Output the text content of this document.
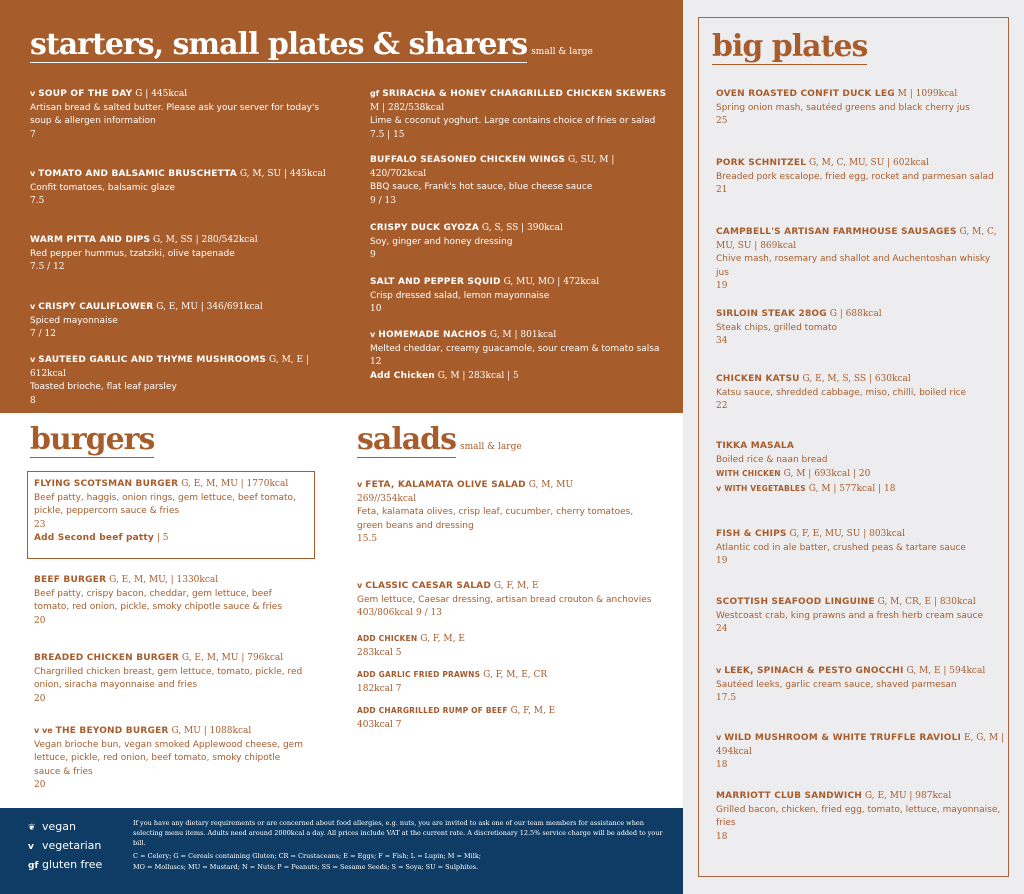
starters, small plates & sharers small & large
v SOUP OF THE DAY G | 445kcal
Artisan bread & salted butter. Please ask your server for today's soup & allergen information
7
v TOMATO AND BALSAMIC BRUSCHETTA G, M, SU | 445kcal
Confit tomatoes, balsamic glaze
7.5
WARM PITTA AND DIPS G, M, SS | 280/542kcal
Red pepper hummus, tzatziki, olive tapenade
7.5 / 12
v CRISPY CAULIFLOWER G, E, MU | 346/691kcal
Spiced mayonnaise
7 / 12
v SAUTEED GARLIC AND THYME MUSHROOMS G, M, E | 612kcal
Toasted brioche, flat leaf parsley
8
gf SRIRACHA & HONEY CHARGRILLED CHICKEN SKEWERS M | 282/538kcal
Lime & coconut yoghurt. Large contains choice of fries or salad
7.5 | 15
BUFFALO SEASONED CHICKEN WINGS G, SU, M | 420/702kcal
BBQ sauce, Frank's hot sauce, blue cheese sauce
9 / 13
CRISPY DUCK GYOZA G, S, SS | 390kcal
Soy, ginger and honey dressing
9
SALT AND PEPPER SQUID G, MU, MO | 472kcal
Crisp dressed salad, lemon mayonnaise
10
v HOMEMADE NACHOS G, M | 801kcal
Melted cheddar, creamy guacamole, sour cream & tomato salsa
12
Add Chicken G, M | 283kcal | 5
big plates
OVEN ROASTED CONFIT DUCK LEG M | 1099kcal
Spring onion mash, sautéed greens and black cherry jus
25
PORK SCHNITZEL G, M, C, MU, SU | 602kcal
Breaded pork escalope, fried egg, rocket and parmesan salad
21
CAMPBELL'S ARTISAN FARMHOUSE SAUSAGES G, M, C, MU, SU | 869kcal
Chive mash, rosemary and shallot and Auchentoshan whisky jus
19
SIRLOIN STEAK 28OG G | 688kcal
Steak chips, grilled tomato
34
CHICKEN KATSU G, E, M, S, SS | 630kcal
Katsu sauce, shredded cabbage, miso, chilli, boiled rice
22
TIKKA MASALA
Boiled rice & naan bread
WITH CHICKEN G, M | 693kcal | 20
v WITH VEGETABLES G, M | 577kcal | 18
FISH & CHIPS G, F, E, MU, SU | 803kcal
Atlantic cod in ale batter, crushed peas & tartare sauce
19
SCOTTISH SEAFOOD LINGUINE G, M, CR, E | 830kcal
Westcoast crab, king prawns and a fresh herb cream sauce
24
v LEEK, SPINACH & PESTO GNOCCHI G, M, E | 594kcal
Sautéed leeks, garlic cream sauce, shaved parmesan
17.5
v WILD MUSHROOM & WHITE TRUFFLE RAVIOLI E, G, M | 494kcal
18
MARRIOTT CLUB SANDWICH G, E, MU | 987kcal
Grilled bacon, chicken, fried egg, tomato, lettuce, mayonnaise, fries
18
burgers
FLYING SCOTSMAN BURGER G, E, M, MU | 1770kcal
Beef patty, haggis, onion rings, gem lettuce, beef tomato, pickle, peppercorn sauce & fries
23
Add Second beef patty | 5
BEEF BURGER G, E, M, MU, | 1330kcal
Beef patty, crispy bacon, cheddar, gem lettuce, beef tomato, red onion, pickle, smoky chipotle sauce & fries
20
BREADED CHICKEN BURGER G, E, M, MU | 796kcal
Chargrilled chicken breast, gem lettuce, tomato, pickle, red onion, siracha mayonnaise and fries
20
v ve THE BEYOND BURGER G, MU | 1088kcal
Vegan brioche bun, vegan smoked Applewood cheese, gem lettuce, pickle, red onion, beef tomato, smoky chipotle sauce & fries
20
salads small & large
v FETA, KALAMATA OLIVE SALAD G, M, MU
269//354kcal
Feta, kalamata olives, crisp leaf, cucumber, cherry tomatoes, green beans and dressing
15.5
v CLASSIC CAESAR SALAD G, F, M, E
Gem lettuce, Caesar dressing, artisan bread crouton & anchovies
403/806kcal 9 / 13
ADD CHICKEN G, F, M, E
283kcal 5
ADD GARLIC FRIED PRAWNS G, F, M, E, CR
182kcal 7
ADD CHARGRILLED RUMP OF BEEF G, F, M, E
403kcal 7
❦ vegan
v vegetarian
gf gluten free
If you have any dietary requirements or are concerned about food allergies, e.g. nuts, you are invited to ask one of our team members for assistance when selecting menu items. Adults need around 2000kcal a day. All prices include VAT at the current rate. A discretionary 12.5% service charge will be added to your bill.
C = Celery; G = Cereals containing Gluten; CR = Crustaceans; E = Eggs; F = Fish; L = Lupin; M = Milk;
MO = Molluscs; MU = Mustard; N = Nuts; P = Peanuts; SS = Sesame Seeds; S = Soya; SU = Sulphites.
